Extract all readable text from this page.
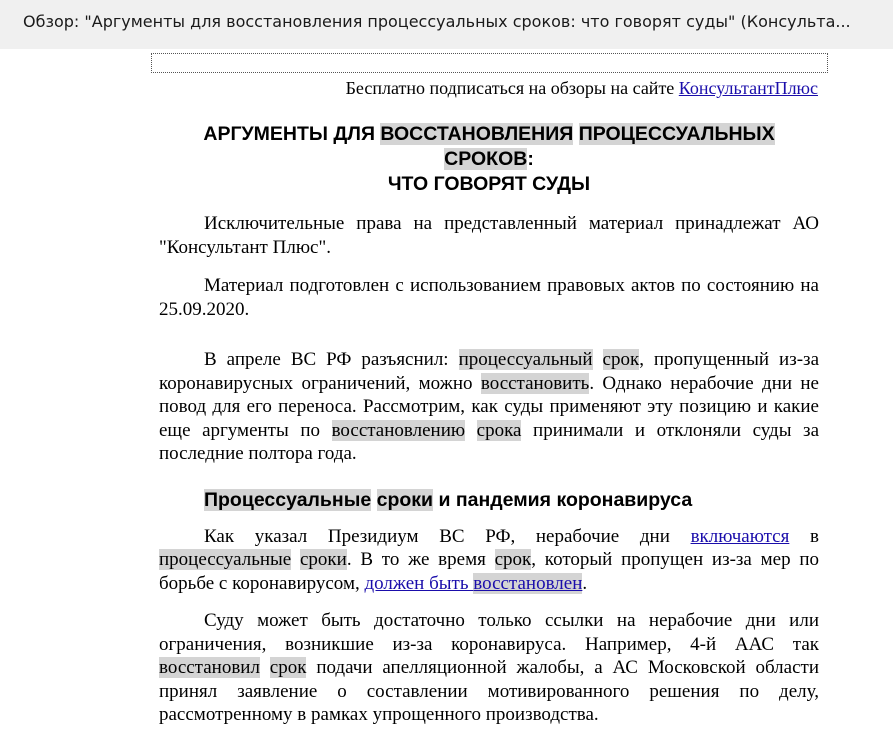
Обзор: "Аргументы для восстановления процессуальных сроков: что говорят суды" (Консульта...
Бесплатно подписаться на обзоры на сайте КонсультантПлюс
АРГУМЕНТЫ ДЛЯ ВОССТАНОВЛЕНИЯ ПРОЦЕССУАЛЬНЫХ СРОКОВ:
ЧТО ГОВОРЯТ СУДЫ

Исключительные права на представленный материал принадлежат АО "Консультант Плюс".

Материал подготовлен с использованием правовых актов по состоянию на 25.09.2020.

В апреле ВС РФ разъяснил: процессуальный срок, пропущенный из-за коронавирусных ограничений, можно восстановить. Однако нерабочие дни не повод для его переноса. Рассмотрим, как суды применяют эту позицию и какие еще аргументы по восстановлению срока принимали и отклоняли суды за последние полтора года.

Процессуальные сроки и пандемия коронавируса

Как указал Президиум ВС РФ, нерабочие дни включаются в процессуальные сроки. В то же время срок, который пропущен из-за мер по борьбе с коронавирусом, должен быть восстановлен.

Суду может быть достаточно только ссылки на нерабочие дни или ограничения, возникшие из-за коронавируса. Например, 4-й ААС так восстановил срок подачи апелляционной жалобы, а АС Московской области принял заявление о составлении мотивированного решения по делу, рассмотренному в рамках упрощенного производства.
